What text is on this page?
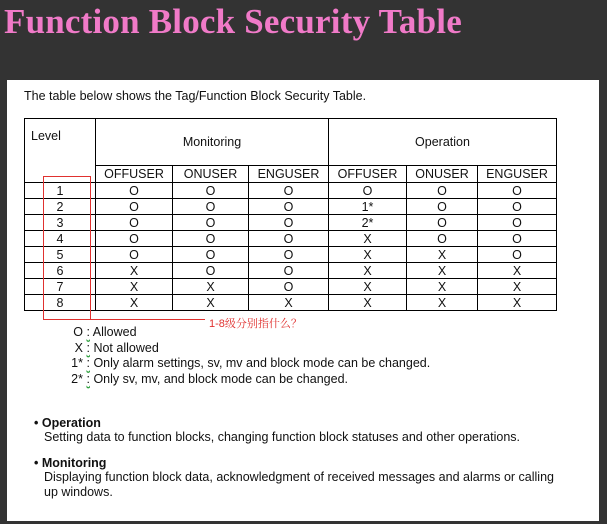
Function Block Security Table
The table below shows the Tag/Function Block Security Table.
Level	Monitoring			Operation		
	OFFUSER	ONUSER	ENGUSER	OFFUSER	ONUSER	ENGUSER
1	O	O	O	O	O	O
2	O	O	O	1*	O	O
3	O	O	O	2*	O	O
4	O	O	O	X	O	O
5	O	O	O	X	X	O
6	X	O	O	X	X	X
7	X	X	O	X	X	X
8	X	X	X	X	X	X
1-8级分别指什么？
O : Allowed
X : Not allowed
1* : Only alarm settings, sv, mv and block mode can be changed.
2* : Only sv, mv, and block mode can be changed.
• Operation
Setting data to function blocks, changing function block statuses and other operations.
• Monitoring
Displaying function block data, acknowledgment of received messages and alarms or calling up windows.
